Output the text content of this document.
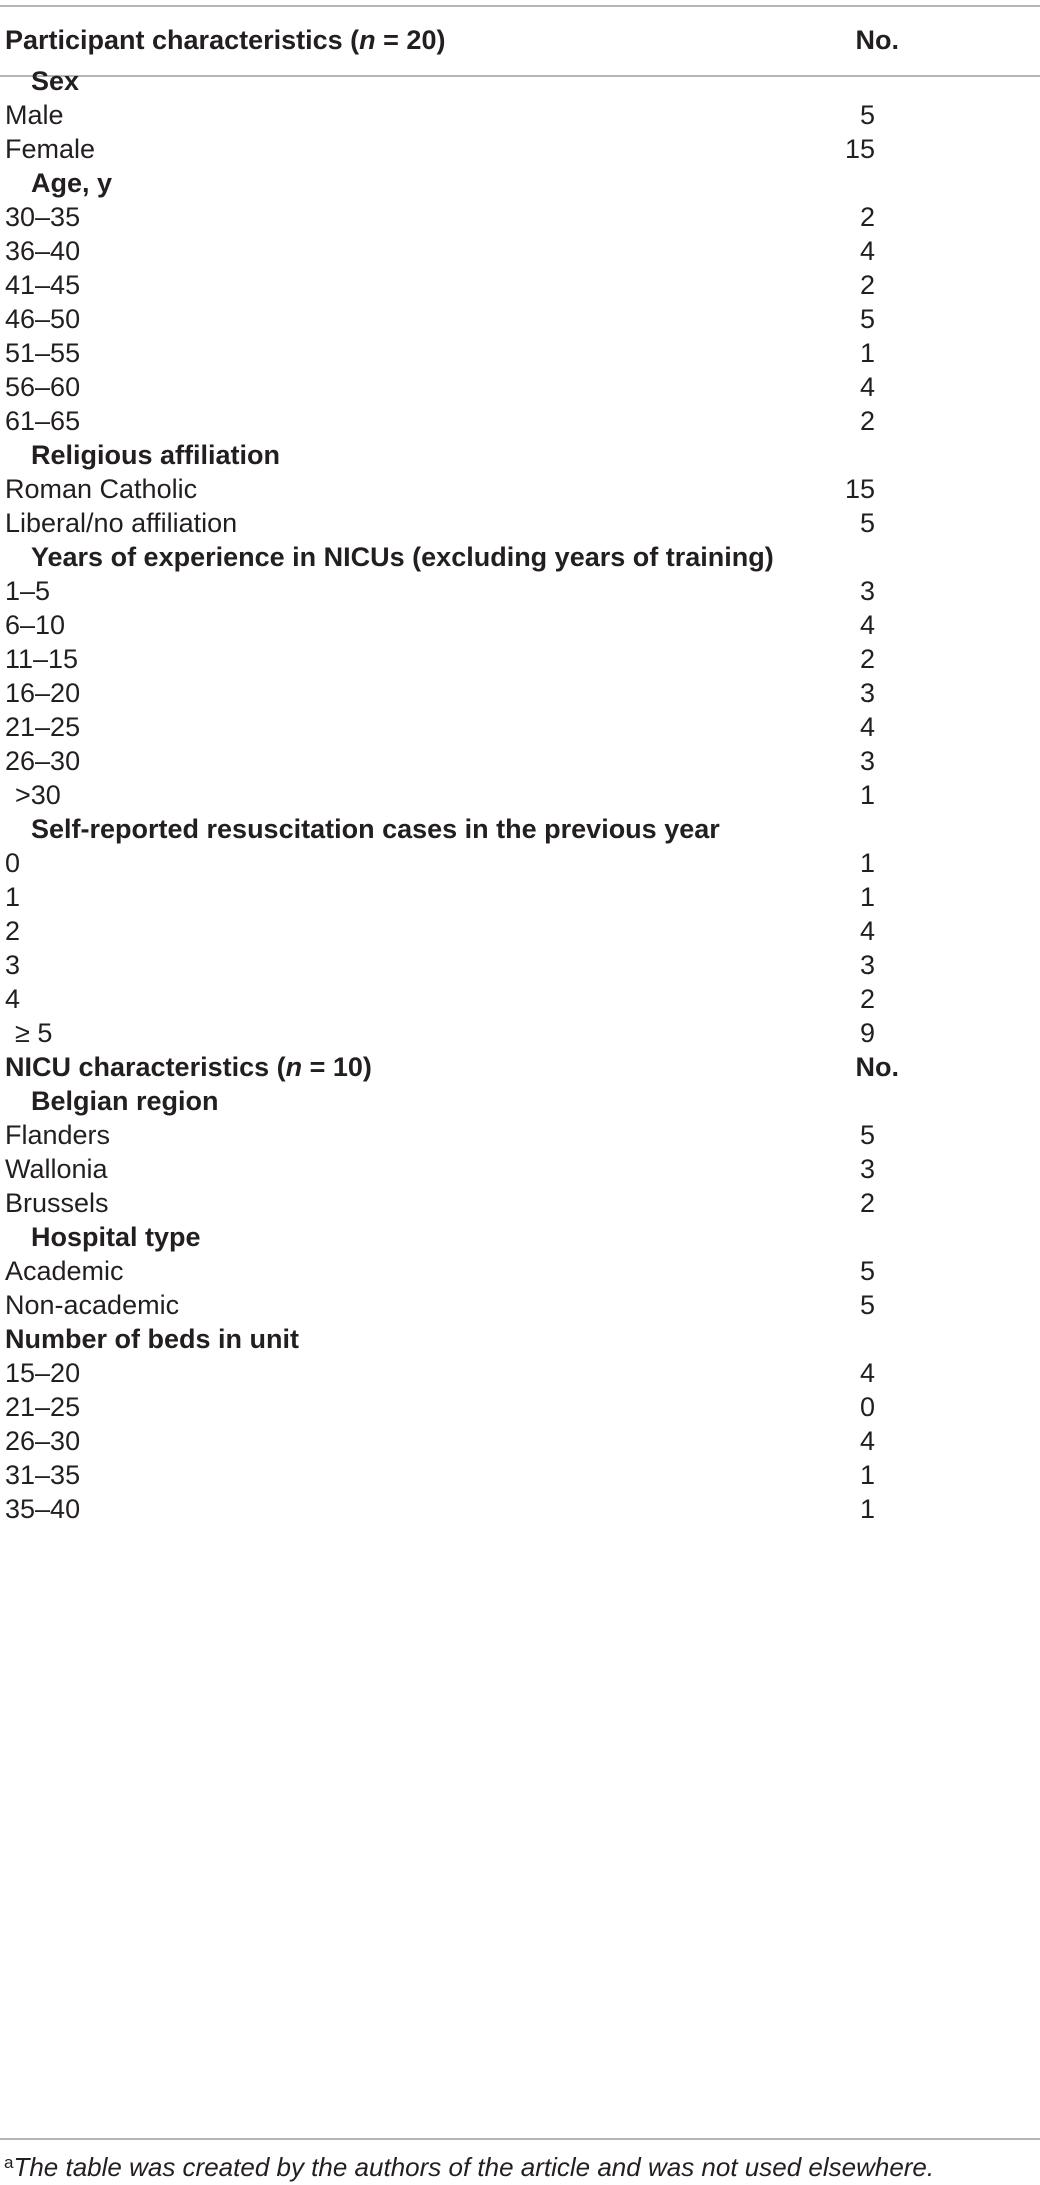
Participant characteristics (n = 20)	No.
Sex
Male	5
Female	15
Age, y
30–35	2
36–40	4
41–45	2
46–50	5
51–55	1
56–60	4
61–65	2
Religious affiliation
Roman Catholic	15
Liberal/no affiliation	5
Years of experience in NICUs (excluding years of training)
1–5	3
6–10	4
11–15	2
16–20	3
21–25	4
26–30	3
>30	1
Self-reported resuscitation cases in the previous year
0	1
1	1
2	4
3	3
4	2
≥ 5	9
NICU characteristics (n = 10)	No.
Belgian region
Flanders	5
Wallonia	3
Brussels	2
Hospital type
Academic	5
Non-academic	5
Number of beds in unit
15–20	4
21–25	0
26–30	4
31–35	1
35–40	1
$^a$The table was created by the authors of the article and was not used elsewhere.
